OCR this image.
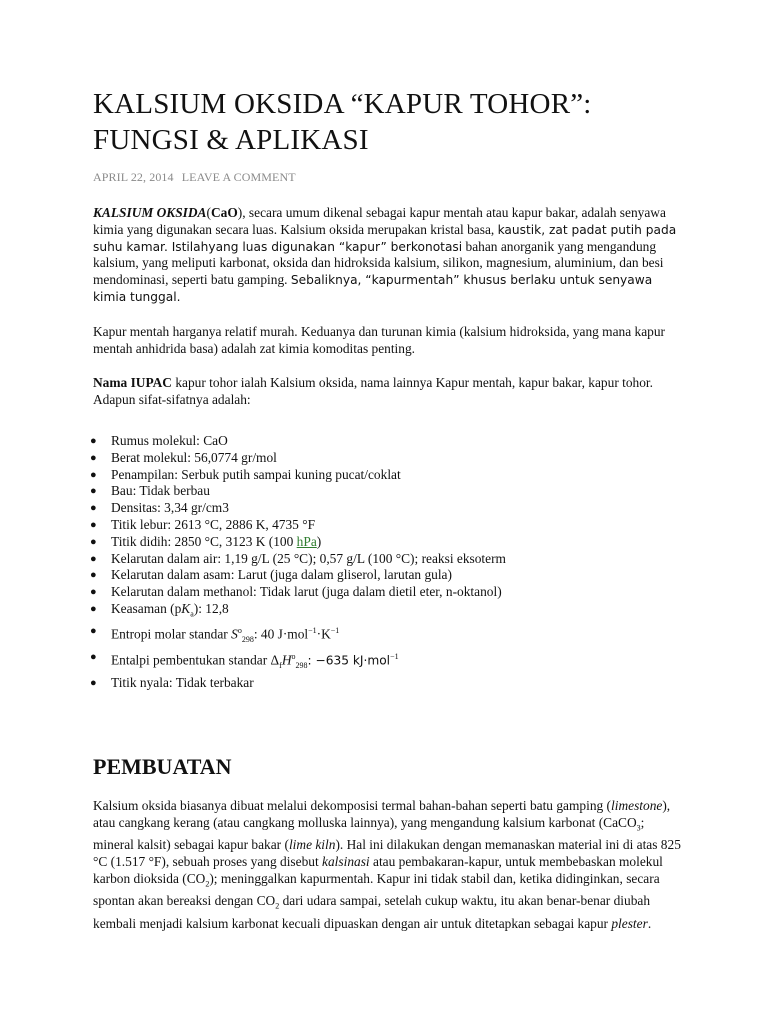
KALSIUM OKSIDA “KAPUR TOHOR”: FUNGSI & APLIKASI
APRIL 22, 2014 LEAVE A COMMENT

KALSIUM OKSIDA(CaO), secara umum dikenal sebagai kapur mentah atau kapur bakar, adalah senyawa kimia yang digunakan secara luas. Kalsium oksida merupakan kristal basa, kaustik, zat padat putih pada suhu kamar. Istilahyang luas digunakan “kapur” berkonotasi bahan anorganik yang mengandung kalsium, yang meliputi karbonat, oksida dan hidroksida kalsium, silikon, magnesium, aluminium, dan besi mendominasi, seperti batu gamping. Sebaliknya, “kapurmentah” khusus berlaku untuk senyawa kimia tunggal.

Kapur mentah harganya relatif murah. Keduanya dan turunan kimia (kalsium hidroksida, yang mana kapur mentah anhidrida basa) adalah zat kimia komoditas penting.

Nama IUPAC kapur tohor ialah Kalsium oksida, nama lainnya Kapur mentah, kapur bakar, kapur tohor. Adapun sifat-sifatnya adalah:

● Rumus molekul: CaO
● Berat molekul: 56,0774 gr/mol
● Penampilan: Serbuk putih sampai kuning pucat/coklat
● Bau: Tidak berbau
● Densitas: 3,34 gr/cm3
● Titik lebur: 2613 °C, 2886 K, 4735 °F
● Titik didih: 2850 °C, 3123 K (100 hPa)
● Kelarutan dalam air: 1,19 g/L (25 °C); 0,57 g/L (100 °C); reaksi eksoterm
● Kelarutan dalam asam: Larut (juga dalam gliserol, larutan gula)
● Kelarutan dalam methanol: Tidak larut (juga dalam dietil eter, n-oktanol)
● Keasaman $(pK_a)$: 12,8
● Entropi molar standar $S^o_{298}$: 40 $J\cdot mol^{-1}\cdot K^{-1}$
● Entalpi pembentukan standar $\Delta_fH^o_{298}$: −635 kJ·mol$^{-1}$
● Titik nyala: Tidak terbakar
PEMBUATAN

Kalsium oksida biasanya dibuat melalui dekomposisi termal bahan-bahan seperti batu gamping (limestone), atau cangkang kerang (atau cangkang molluska lainnya), yang mengandung kalsium karbonat (CaCO$_3$; mineral kalsit) sebagai kapur bakar (lime kiln). Hal ini dilakukan dengan memanaskan material ini di atas 825 °C (1.517 °F), sebuah proses yang disebut kalsinasi atau pembakaran-kapur, untuk membebaskan molekul karbon dioksida $(CO_2)$; meninggalkan kapurmentah. Kapur ini tidak stabil dan, ketika didinginkan, secara spontan akan bereaksi dengan $CO_2$ dari udara sampai, setelah cukup waktu, itu akan benar-benar diubah kembali menjadi kalsium karbonat kecuali dipuaskan dengan air untuk ditetapkan sebagai kapur plester.
